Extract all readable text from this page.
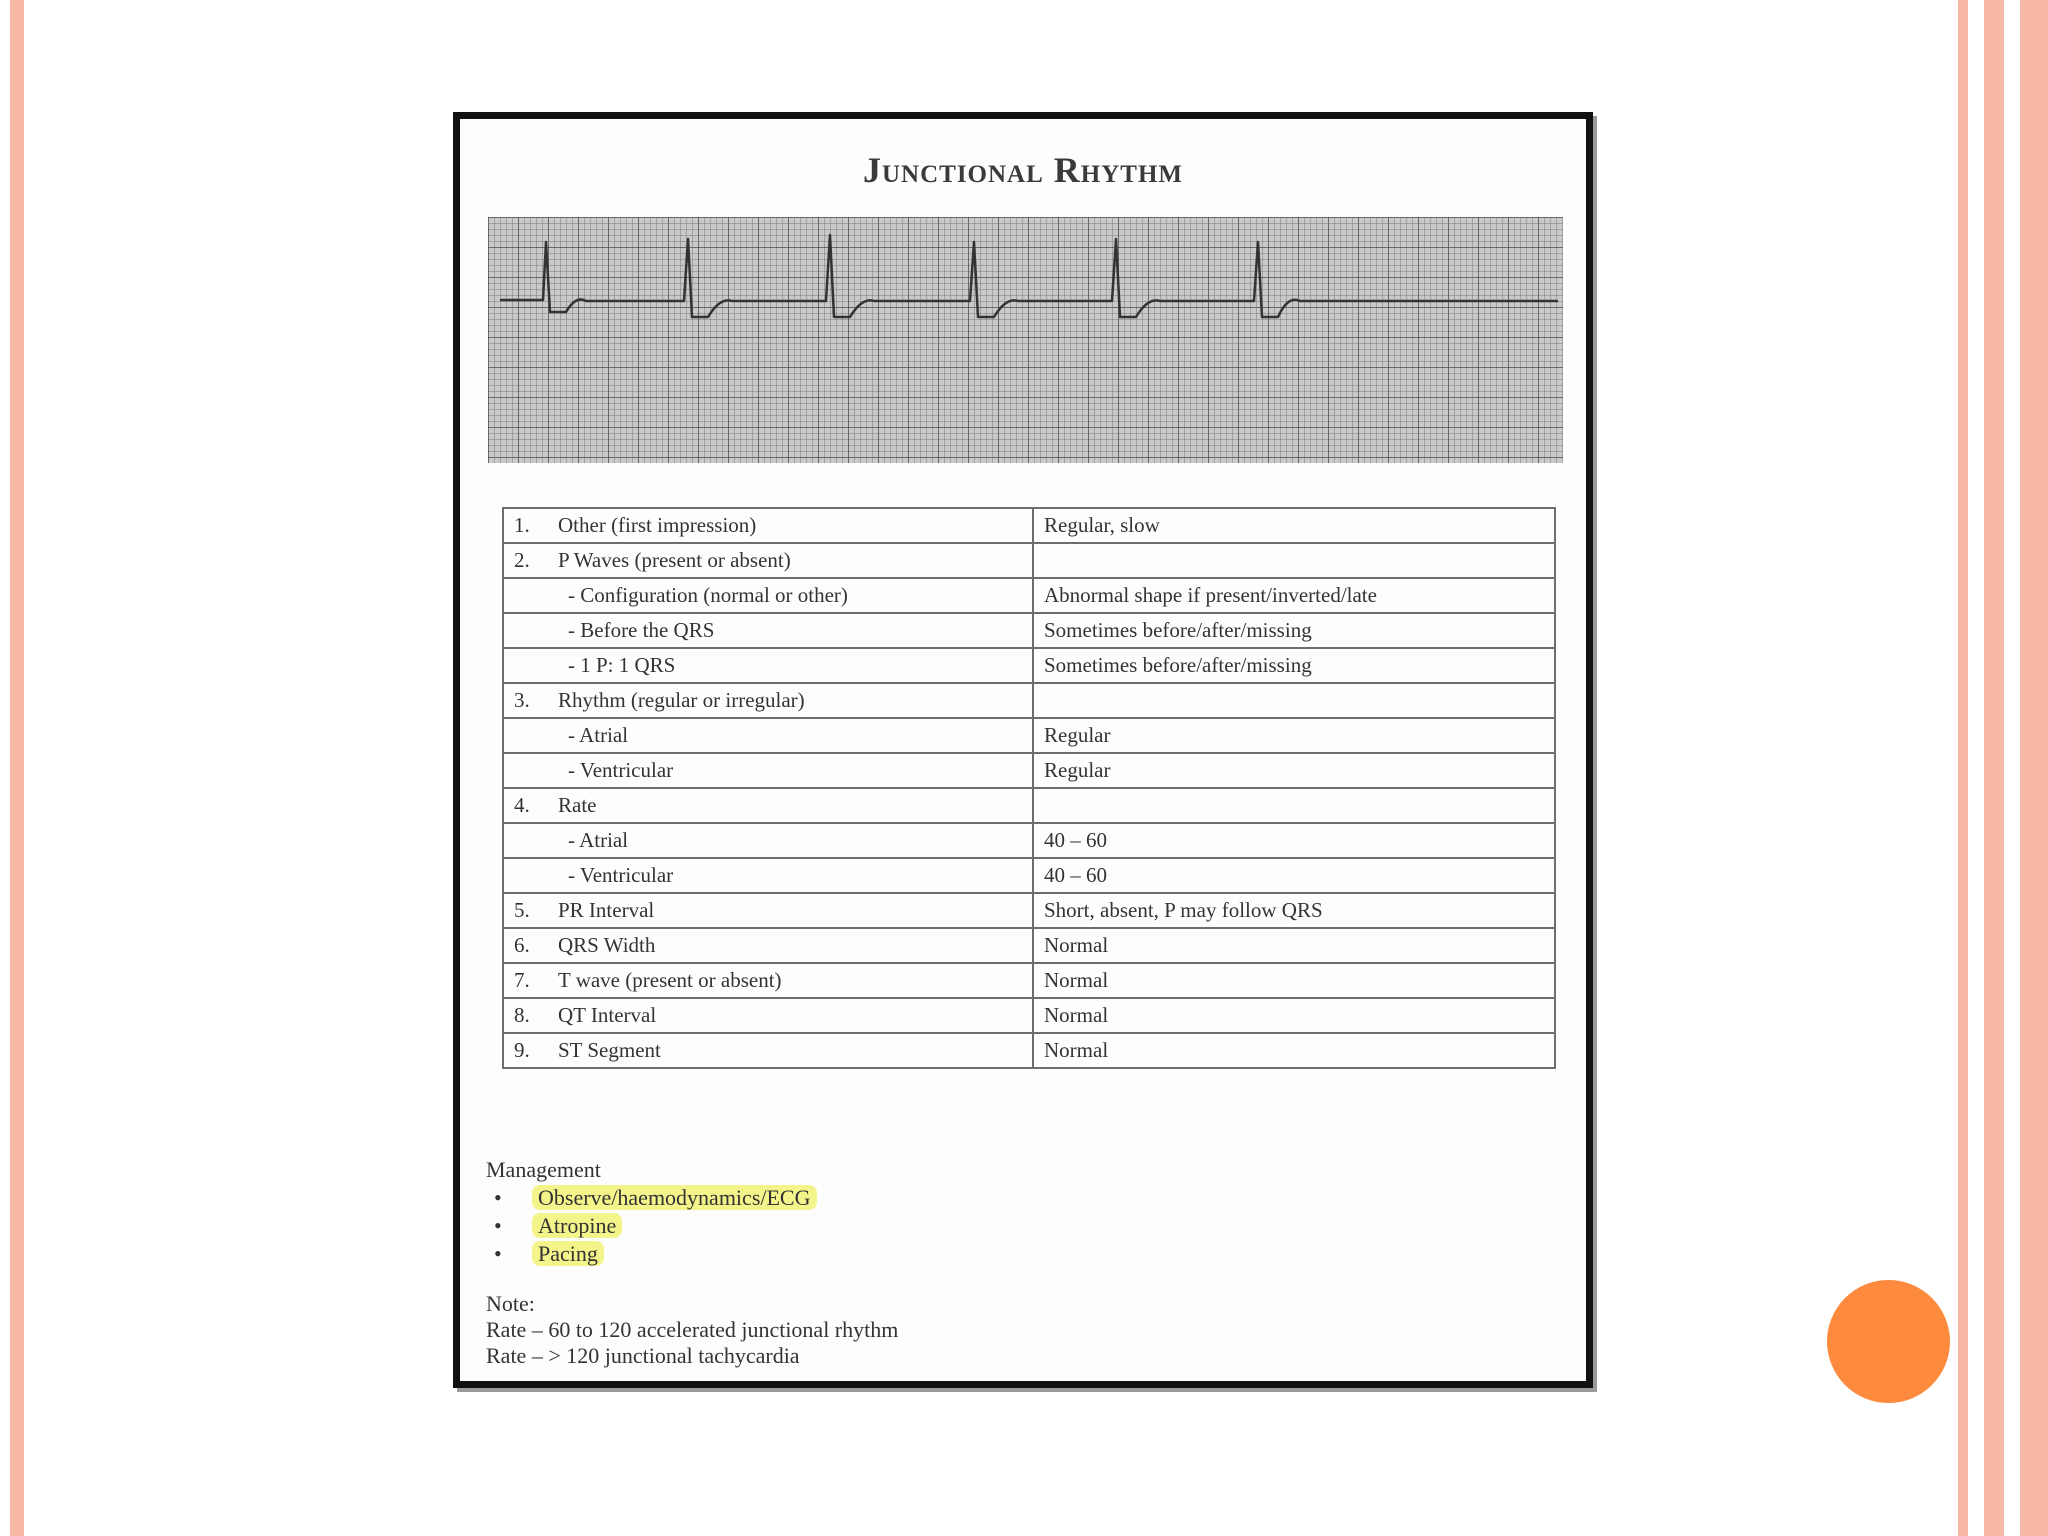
Junctional Rhythm
1. Other (first impression)	Regular, slow
2. P Waves (present or absent)	
- Configuration (normal or other)	Abnormal shape if present/inverted/late
- Before the QRS	Sometimes before/after/missing
- 1 P: 1 QRS	Sometimes before/after/missing
3. Rhythm (regular or irregular)	
- Atrial	Regular
- Ventricular	Regular
4. Rate	
- Atrial	40 – 60
- Ventricular	40 – 60
5. PR Interval	Short, absent, P may follow QRS
6. QRS Width	Normal
7. T wave (present or absent)	Normal
8. QT Interval	Normal
9. ST Segment	Normal
Management
• Observe/haemodynamics/ECG
• Atropine
• Pacing
Note:
Rate – 60 to 120 accelerated junctional rhythm
Rate – > 120 junctional tachycardia
